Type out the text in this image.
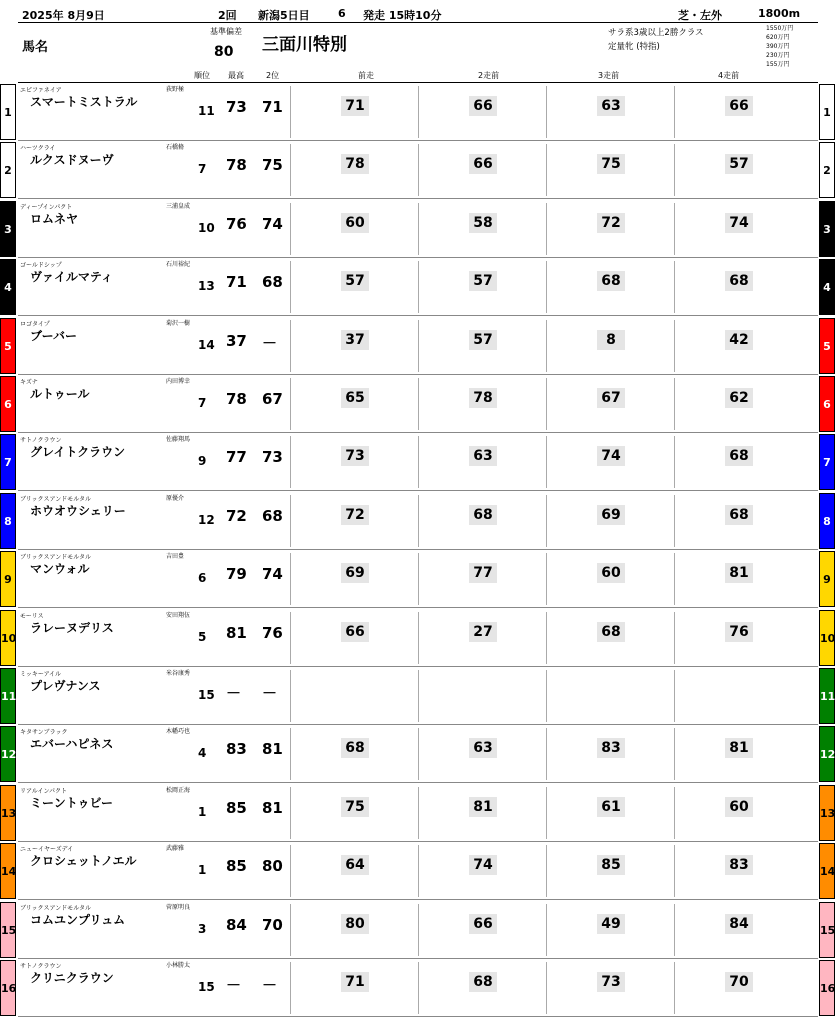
2025年 8月9日	2回 新潟5日目	6 発走 15時10分	芝・左外	1800m
馬名
基準偏差
80 三面川特別
サラ系3歳以上2勝クラス
定量牝 (特指)
1550万円
620万円
390万円
230万円
155万円
順位 最高	2位	前走	2走前	3走前	4走前
1	1
エピファネイア
スマートミストラル
荻野極
11 73 71	71	66	63	66
2	2
ハーツクライ
ルクスドヌーヴ
石橋脩
7 78 75	78	66	75	57
3	3
ディープインパクト
ロムネヤ
三浦皇成
10 76 74	60	58	72	74
4	4
ゴールドシップ
ヴァイルマティ
石川裕紀
13 71 68	57	57	68	68
5	5
ロゴタイプ
ブーバー
菊沢一樹
14 37 －	37	57	8	42
6	6
キズナ
ルトゥール
内田博幸
7 78 67	65	78	67	62
7	7
サトノクラウン
グレイトクラウン
佐藤翔馬
9 77 73	73	63	74	68
8	8
ブリックスアンドモルタル
ホウオウシェリー
原優介
12 72 68	72	68	69	68
9	9
ブリックスアンドモルタル
マンウォル
吉田豊
6 79 74	69	77	60	81
10	10
モーリス
ラレーヌデリス
安田翔伍
5 81 76	66	27	68	76
11	11
ミッキーアイル
プレヴナンス
米谷康秀
15 － －
12	12
キタサンブラック
エバーハピネス
木幡巧也
4 83 81	68	63	83	81
13	13
リアルインパクト
ミーントゥビー
松岡正海
1 85 81	75	81	61	60
14	14
ニューイヤーズデイ
クロシェットノエル
武藤雅
1 85 80	64	74	85	83
15	15
ブリックスアンドモルタル
コムユンプリュム
菅原明良
3 84 70	80	66	49	84
16	16
サトノクラウン
クリニクラウン
小林勝太
15 － －	71	68	73	70
